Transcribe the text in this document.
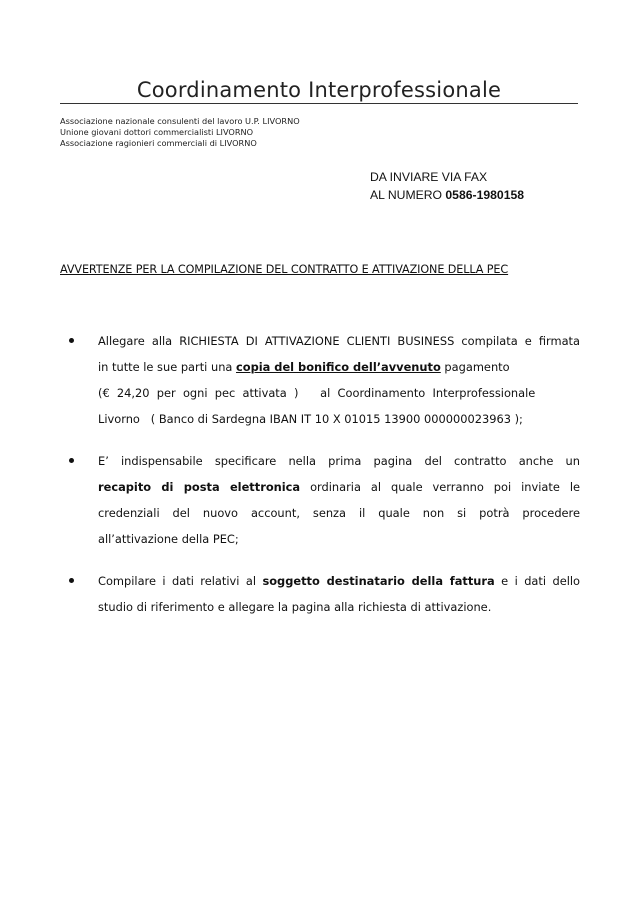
Coordinamento Interprofessionale
Associazione nazionale consulenti del lavoro U.P. LIVORNO
Unione giovani dottori commercialisti LIVORNO
Associazione ragionieri commerciali di LIVORNO
DA INVIARE VIA FAX
AL NUMERO 0586-1980158
AVVERTENZE PER LA COMPILAZIONE DEL CONTRATTO E ATTIVAZIONE DELLA PEC
Allegare alla RICHIESTA DI ATTIVAZIONE CLIENTI BUSINESS compilata e firmata
in tutte le sue parti una copia del bonifico dell’avvenuto pagamento
(€  24,20  per  ogni  pec  attivata  )      al  Coordinamento  Interprofessionale
Livorno   ( Banco di Sardegna IBAN IT 10 X 01015 13900 000000023963 );
E’ indispensabile specificare nella prima pagina del contratto anche un
recapito di posta elettronica ordinaria al quale verranno poi inviate le
credenziali del nuovo account, senza il quale non si potrà procedere
all’attivazione della PEC;
Compilare i dati relativi al soggetto destinatario della fattura e i dati dello
studio di riferimento e allegare la pagina alla richiesta di attivazione.
